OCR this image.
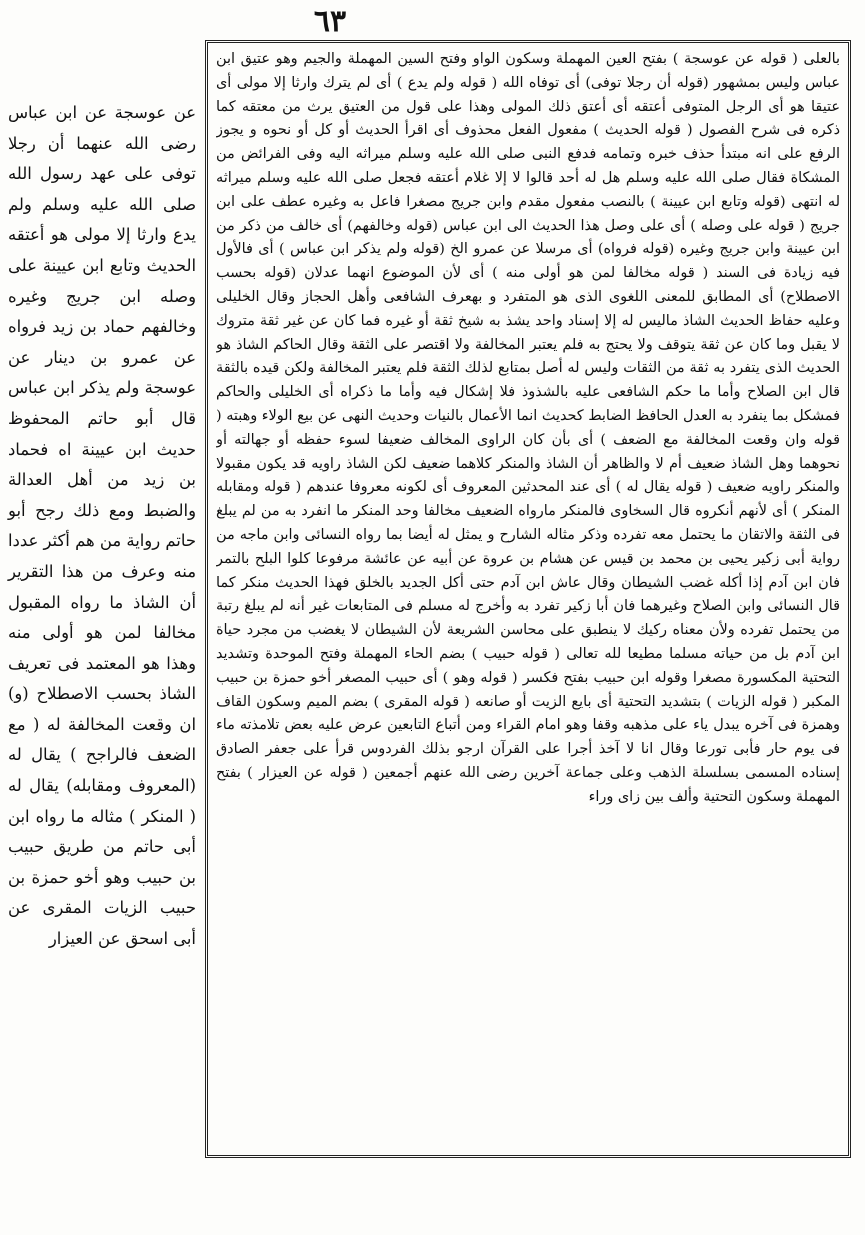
٦٣

بالعلى ( قوله عن عوسجة ) بفتح العين المهملة وسكون الواو وفتح السين المهملة والجيم وهو عتيق ابن عباس وليس بمشهور (قوله أن رجلا توفى) أى توفاه الله ( قوله ولم يدع ) أى لم يترك وارثا إلا مولى أى عتيقا هو أى الرجل المتوفى أعتقه أى أعتق ذلك المولى وهذا على قول من العتيق يرث من معتقه كما ذكره فى شرح الفصول ( قوله الحديث ) مفعول الفعل محذوف أى اقرأ الحديث أو كل أو نحوه و يجوز الرفع على انه مبتدأ حذف خبره وتمامه فدفع النبى صلى الله عليه وسلم ميراثه اليه وفى الفرائض من المشكاة فقال صلى الله عليه وسلم هل له أحد قالوا لا إلا غلام أعتقه فجعل صلى الله عليه وسلم ميراثه له انتهى (قوله وتابع ابن عيينة ) بالنصب مفعول مقدم وابن جريج مصغرا فاعل به وغيره عطف على ابن جريج ( قوله على وصله ) أى على وصل هذا الحديث الى ابن عباس (قوله وخالفهم) أى خالف من ذكر من ابن عيينة وابن جريج وغيره (قوله فرواه) أى مرسلا عن عمرو الخ (قوله ولم يذكر ابن عباس ) أى فالأول فيه زيادة فى السند ( قوله مخالفا لمن هو أولى منه ) أى لأن الموضوع انهما عدلان (قوله بحسب الاصطلاح) أى المطابق للمعنى اللغوى الذى هو المتفرد و بهعرف الشافعى وأهل الحجاز وقال الخليلى وعليه حفاظ الحديث الشاذ ماليس له إلا إسناد واحد يشذ به شيخ ثقة أو غيره فما كان عن غير ثقة متروك لا يقبل وما كان عن ثقة يتوقف ولا يحتج به فلم يعتبر المخالفة ولا اقتصر على الثقة وقال الحاكم الشاذ هو الحديث الذى يتفرد به ثقة من الثقات وليس له أصل بمتابع لذلك الثقة فلم يعتبر المخالفة ولكن قيده بالثقة قال ابن الصلاح وأما ما حكم الشافعى عليه بالشذوذ فلا إشكال فيه وأما ما ذكراه أى الخليلى والحاكم فمشكل بما ينفرد به العدل الحافظ الضابط كحديث انما الأعمال بالنيات وحديث النهى عن بيع الولاء وهبته ( قوله وان وقعت المخالفة مع الضعف ) أى بأن كان الراوى المخالف ضعيفا لسوء حفظه أو جهالته أو نحوهما وهل الشاذ ضعيف أم لا والظاهر أن الشاذ والمنكر كلاهما ضعيف لكن الشاذ راويه قد يكون مقبولا والمنكر راويه ضعيف ( قوله يقال له ) أى عند المحدثين المعروف أى لكونه معروفا عندهم ( قوله ومقابله المنكر ) أى لأنهم أنكروه قال السخاوى فالمنكر مارواه الضعيف مخالفا وحد المنكر ما انفرد به من لم يبلغ فى الثقة والاتقان ما يحتمل معه تفرده وذكر مثاله الشارح و يمثل له أيضا بما رواه النسائى وابن ماجه من رواية أبى زكير يحيى بن محمد بن قيس عن هشام بن عروة عن أبيه عن عائشة مرفوعا كلوا البلح بالتمر فان ابن آدم إذا أكله غضب الشيطان وقال عاش ابن آدم حتى أكل الجديد بالخلق فهذا الحديث منكر كما قال النسائى وابن الصلاح وغيرهما فان أبا زكير تفرد به وأخرج له مسلم فى المتابعات غير أنه لم يبلغ رتبة من يحتمل تفرده ولأن معناه ركيك لا ينطبق على محاسن الشريعة لأن الشيطان لا يغضب من مجرد حياة ابن آدم بل من حياته مسلما مطيعا لله تعالى ( قوله حبيب ) بضم الحاء المهملة وفتح الموحدة وتشديد التحتية المكسورة مصغرا وقوله ابن حبيب بفتح فكسر ( قوله وهو ) أى حبيب المصغر أخو حمزة بن حبيب المكبر ( قوله الزيات ) بتشديد التحتية أى بايع الزيت أو صانعه ( قوله المقرى ) بضم الميم وسكون القاف وهمزة فى آخره يبدل ياء على مذهبه وقفا وهو امام القراء ومن أتباع التابعين عرض عليه بعض تلامذته ماء فى يوم حار فأبى تورعا وقال انا لا آخذ أجرا على القرآن ارجو بذلك الفردوس قرأ على جعفر الصادق إسناده المسمى بسلسلة الذهب وعلى جماعة آخرين رضى الله عنهم أجمعين ( قوله عن العيزار ) بفتح المهملة وسكون التحتية وألف بين زاى وراء

عن عوسجة عن ابن عباس رضى الله عنهما أن رجلا توفى على عهد رسول الله صلى الله عليه وسلم ولم يدع وارثا إلا مولى هو أعتقه الحديث وتابع ابن عيينة على وصله ابن جريج وغيره وخالفهم حماد بن زيد فرواه عن عمرو بن دينار عن عوسجة ولم يذكر ابن عباس قال أبو حاتم المحفوظ حديث ابن عيينة اه فحماد بن زيد من أهل العدالة والضبط ومع ذلك رجح أبو حاتم رواية من هم أكثر عددا منه وعرف من هذا التقرير أن الشاذ ما رواه المقبول مخالفا لمن هو أولى منه وهذا هو المعتمد فى تعريف الشاذ بحسب الاصطلاح (و) ان وقعت المخالفة له ( مع الضعف فالراجح ) يقال له (المعروف ومقابله) يقال له ( المنكر ) مثاله ما رواه ابن أبى حاتم من طريق حبيب بن حبيب وهو أخو حمزة بن حبيب الزيات المقرى عن أبى اسحق عن العيزار
